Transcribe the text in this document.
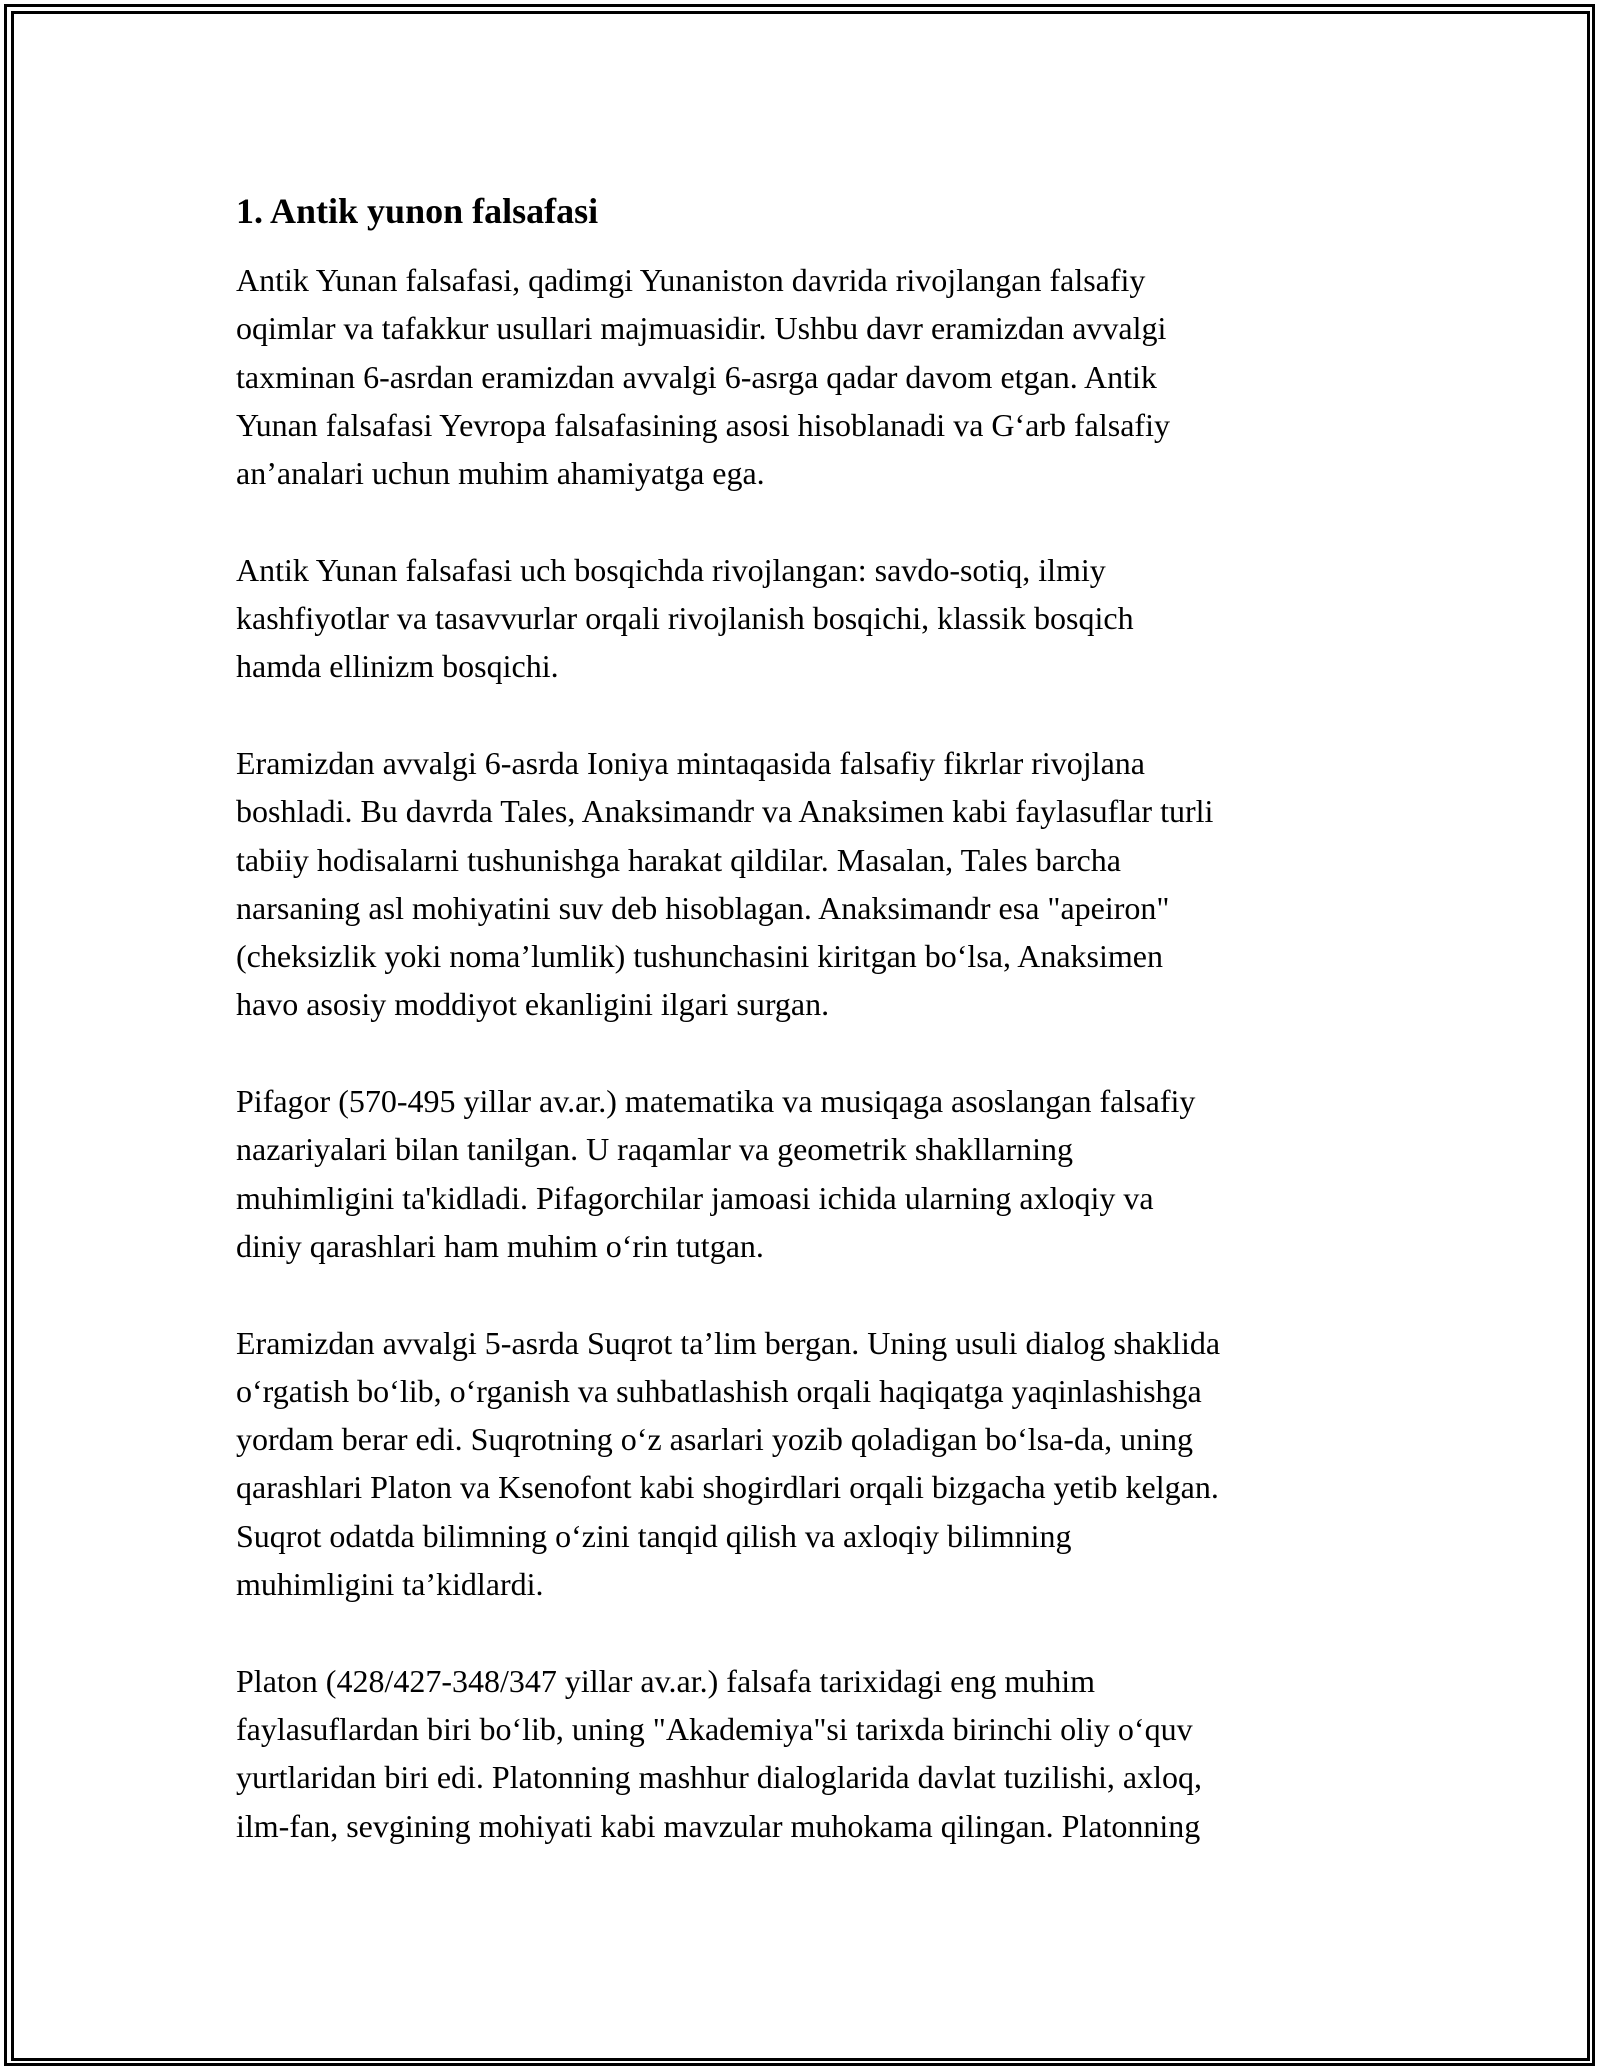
1. Antik yunon falsafasi
Antik Yunan falsafasi, qadimgi Yunaniston davrida rivojlangan falsafiy
oqimlar va tafakkur usullari majmuasidir. Ushbu davr eramizdan avvalgi
taxminan 6-asrdan eramizdan avvalgi 6-asrga qadar davom etgan. Antik
Yunan falsafasi Yevropa falsafasining asosi hisoblanadi va G‘arb falsafiy
an’analari uchun muhim ahamiyatga ega.
Antik Yunan falsafasi uch bosqichda rivojlangan: savdo-sotiq, ilmiy
kashfiyotlar va tasavvurlar orqali rivojlanish bosqichi, klassik bosqich
hamda ellinizm bosqichi.
Eramizdan avvalgi 6-asrda Ioniya mintaqasida falsafiy fikrlar rivojlana
boshladi. Bu davrda Tales, Anaksimandr va Anaksimen kabi faylasuflar turli
tabiiy hodisalarni tushunishga harakat qildilar. Masalan, Tales barcha
narsaning asl mohiyatini suv deb hisoblagan. Anaksimandr esa "apeiron"
(cheksizlik yoki noma’lumlik) tushunchasini kiritgan bo‘lsa, Anaksimen
havo asosiy moddiyot ekanligini ilgari surgan.
Pifagor (570-495 yillar av.ar.) matematika va musiqaga asoslangan falsafiy
nazariyalari bilan tanilgan. U raqamlar va geometrik shakllarning
muhimligini ta'kidladi. Pifagorchilar jamoasi ichida ularning axloqiy va
diniy qarashlari ham muhim o‘rin tutgan.
Eramizdan avvalgi 5-asrda Suqrot ta’lim bergan. Uning usuli dialog shaklida
o‘rgatish bo‘lib, o‘rganish va suhbatlashish orqali haqiqatga yaqinlashishga
yordam berar edi. Suqrotning o‘z asarlari yozib qoladigan bo‘lsa-da, uning
qarashlari Platon va Ksenofont kabi shogirdlari orqali bizgacha yetib kelgan.
Suqrot odatda bilimning o‘zini tanqid qilish va axloqiy bilimning
muhimligini ta’kidlardi.
Platon (428/427-348/347 yillar av.ar.) falsafa tarixidagi eng muhim
faylasuflardan biri bo‘lib, uning "Akademiya"si tarixda birinchi oliy o‘quv
yurtlaridan biri edi. Platonning mashhur dialoglarida davlat tuzilishi, axloq,
ilm-fan, sevgining mohiyati kabi mavzular muhokama qilingan. Platonning
